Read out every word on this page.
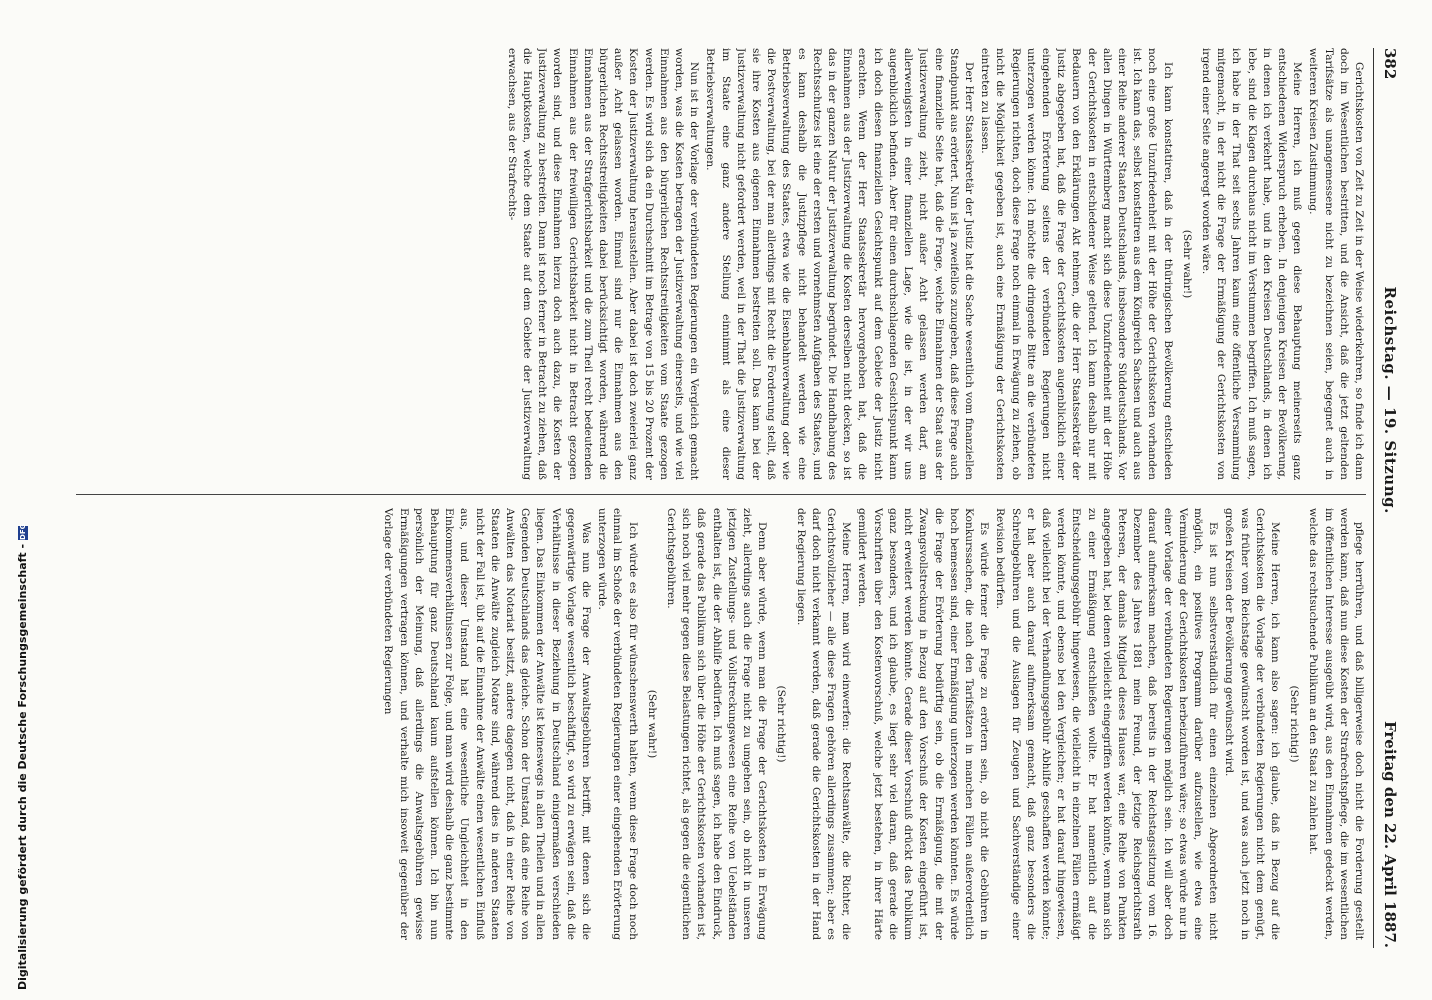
382
Reichstag. — 19. Sitzung.
Freitag den 22. April 1887.

Gerichtskosten von Zeit zu Zeit in der Weise wiederkehren, so finde ich dann doch im Wesentlichen bestritten, und die Ansicht, daß die jetzt geltenden Tarifsätze als unangemessene nicht zu bezeichnen seien, begegnet auch in weiteren Kreisen Zustimmung.

Meine Herren, ich muß gegen diese Behauptung meinerseits ganz entschiedenen Widerspruch erheben. In denjenigen Kreisen der Bevölkerung, in denen ich verkehrt habe, und in den Kreisen Deutschlands, in denen ich lebe, sind die Klagen durchaus nicht im Verstummen begriffen. Ich muß sagen, ich habe in der That seit sechs Jahren kaum eine öffentliche Versammlung mitgemacht, in der nicht die Frage der Ermäßigung der Gerichtskosten von irgend einer Seite angeregt worden wäre.

(Sehr wahr!)

Ich kann konstatiren, daß in der thüringischen Bevölkerung entschieden noch eine große Unzufriedenheit mit der Höhe der Gerichtskosten vorhanden ist. Ich kann das, selbst konstatiren aus dem Königreich Sachsen und auch aus einer Reihe anderer Staaten Deutschlands, insbesondere Süddeutschlands. Vor allen Dingen in Württemberg macht sich diese Unzufriedenheit mit der Höhe der Gerichtskosten in entschiedener Weise geltend. Ich kann deshalb nur mit Bedauern von den Erklärungen Akt nehmen, die der Herr Staatssekretär der Justiz abgegeben hat, daß die Frage der Gerichtskosten augenblicklich einer eingehenden Erörterung seitens der verbündeten Regierungen nicht unterzogen werden könne. Ich möchte die dringende Bitte an die verbündeten Regierungen richten, doch diese Frage noch einmal in Erwägung zu ziehen, ob nicht die Möglichkeit gegeben ist, auch eine Ermäßigung der Gerichtskosten eintreten zu lassen.

Der Herr Staatssekretär der Justiz hat die Sache wesentlich vom finanziellen Standpunkt aus erörtert. Nun ist ja zweifellos zuzugeben, daß diese Frage auch eine finanzielle Seite hat, daß die Frage, welche Einnahmen der Staat aus der Justizverwaltung zieht, nicht außer Acht gelassen werden darf, am allerwenigsten in einer finanziellen Lage, wie die ist, in der wir uns augenblicklich befinden. Aber für einen durchschlagenden Gesichtspunkt kann ich doch diesen finanziellen Gesichtspunkt auf dem Gebiete der Justiz nicht erachten. Wenn der Herr Staatssekretär hervorgehoben hat, daß die Einnahmen aus der Justizverwaltung die Kosten derselben nicht decken, so ist das in der ganzen Natur der Justizverwaltung begründet. Die Handhabung des Rechtsschutzes ist eine der ersten und vornehmsten Aufgaben des Staates, und es kann deshalb die Justizpflege nicht behandelt werden wie eine Betriebsverwaltung des Staates, etwa wie die Eisenbahnverwaltung oder wie die Postverwaltung, bei der man allerdings mit Recht die Forderung stellt, daß sie ihre Kosten aus eigenen Einnahmen bestreiten soll. Das kann bei der Justizverwaltung nicht gefordert werden, weil in der That die Justizverwaltung im Staate eine ganz andere Stellung einnimmt als eine dieser Betriebsverwaltungen.

Nun ist in der Vorlage der verbündeten Regierungen ein Vergleich gemacht worden, was die Kosten betragen der Justizverwaltung einerseits, und wie viel Einnahmen aus den bürgerlichen Rechtsstreitigkeiten vom Staate gezogen werden. Es wird sich da ein Durchschnitt im Betrage von 15 bis 20 Prozent der Kosten der Justizverwaltung herausstellen. Aber dabei ist doch zweierlei ganz außer Acht gelassen worden. Einmal sind nur die Einnahmen aus den bürgerlichen Rechtsstreitigkeiten dabei berücksichtigt worden, während die Einnahmen aus der Strafgerichtsbarkeit und die zum Theil recht bedeutenden Einnahmen aus der freiwilligen Gerichtsbarkeit nicht in Betracht gezogen worden sind, und diese Einnahmen hierzu doch auch dazu, die Kosten der Justizverwaltung zu bestreiten. Dann ist noch ferner in Betracht zu ziehen, daß die Hauptkosten, welche dem Staate auf dem Gebiete der Justizverwaltung erwachsen, aus der Strafrechts-

pflege herrühren, und daß billigerweise doch nicht die Forderung gestellt werden kann, daß nun diese Kosten der Strafrechtspflege, die im wesentlichen im öffentlichen Interesse ausgeübt wird, aus den Einnahmen gedeckt werden, welche das rechtsuchende Publikum an den Staat zu zahlen hat.

(Sehr richtig!)

Meine Herren, ich kann also sagen: ich glaube, daß in Bezug auf die Gerichtskosten die Vorlage der verbündeten Regierungen nicht dem genügt, was früher vom Reichstage gewünscht worden ist, und was auch jetzt noch in großen Kreisen der Bevölkerung gewünscht wird.

Es ist nun selbstverständlich für einen einzelnen Abgeordneten nicht möglich, ein positives Programm darüber aufzustellen, wie etwa eine Verminderung der Gerichtskosten herbeizuführen wäre; so etwas würde nur in einer Vorlage der verbündeten Regierungen möglich sein. Ich will aber doch darauf aufmerksam machen, daß bereits in der Reichstagssitzung vom 16. Dezember des Jahres 1881 mein Freund, der jetzige Reichsgerichtsrath Petersen, der damals Mitglied dieses Hauses war, eine Reihe von Punkten angegeben hat, bei denen vielleicht eingegriffen werden könnte, wenn man sich zu einer Ermäßigung entschließen wollte. Er hat namentlich auf die Entscheidungsgebühr hingewiesen, die vielleicht in einzelnen Fällen ermäßigt werden könnte, und ebenso bei den Vergleichen; er hat darauf hingewiesen, daß vielleicht bei der Verhandlungsgebühr Abhilfe geschaffen werden könnte; er hat aber auch darauf aufmerksam gemacht, daß ganz besonders die Schreibgebühren und die Auslagen für Zeugen und Sachverständige einer Revision bedürfen.

Es würde ferner die Frage zu erörtern sein, ob nicht die Gebühren in Konkurssachen, die nach den Tarifsätzen in manchen Fällen außerordentlich hoch bemessen sind, einer Ermäßigung unterzogen werden könnten. Es würde die Frage der Erörterung bedürftig sein, ob die Ermäßigung, die mit der Zwangsvollstreckung in Bezug auf den Vorschuß der Kosten eingeführt ist, nicht erweitert werden könnte. Gerade dieser Vorschuß drückt das Publikum ganz besonders, und ich glaube, es liegt sehr viel daran, daß gerade die Vorschriften über den Kostenvorschuß, welche jetzt bestehen, in ihrer Härte gemildert werden.

Meine Herren, man wird einwerfen: die Rechtsanwälte, die Richter, die Gerichtsvollzieher — alle diese Fragen gehören allerdings zusammen; aber es darf doch nicht verkannt werden, daß gerade die Gerichtskosten in der Hand der Regierung liegen.

(Sehr richtig!)

Denn aber würde, wenn man die Frage der Gerichtskosten in Erwägung zieht, allerdings auch die Frage nicht zu umgehen sein, ob nicht in unseren jetzigen Zustellungs- und Vollstreckungswesen eine Reihe von Uebelständen enthalten ist, die der Abhilfe bedürfen. Ich muß sagen, ich habe den Eindruck, daß gerade das Publikum sich über die Höhe der Gerichtskosten vorhanden ist, sich noch viel mehr gegen diese Belastungen richtet, als gegen die eigentlichen Gerichtsgebühren.

(Sehr wahr!)

Ich würde es also für wünschenswerth halten, wenn diese Frage doch noch einmal im Schoße der verbündeten Regierungen einer eingehenden Erörterung unterzogen würde.

Was nun die Frage der Anwaltsgebühren betrifft, mit denen sich die gegenwärtige Vorlage wesentlich beschäftigt, so wird zu erwägen sein, daß die Verhältnisse in dieser Beziehung in Deutschland einigermaßen verschieden liegen. Das Einkommen der Anwälte ist keineswegs in allen Theilen und in allen Gegenden Deutschlands das gleiche. Schon der Umstand, daß eine Reihe von Anwälten das Notariat besitzt, andere dagegen nicht, daß in einer Reihe von Staaten die Anwälte zugleich Notare sind, während dies in anderen Staaten nicht der Fall ist, übt auf die Einnahme der Anwälte einen wesentlichen Einfluß aus, und dieser Umstand hat eine wesentliche Ungleichheit in den Einkommensverhältnissen zur Folge, und man wird deshalb die ganz bestimmte Behauptung für ganz Deutschland kaum aufstellen können. Ich bin nun persönlich der Meinung, daß allerdings die Anwaltsgebühren gewisse Ermäßigungen vertragen können, und verhalte mich insoweit gegenüber der Vorlage der verbündeten Regierungen

Digitalisierung gefördert durch die Deutsche Forschungsgemeinschaft -
DFG
